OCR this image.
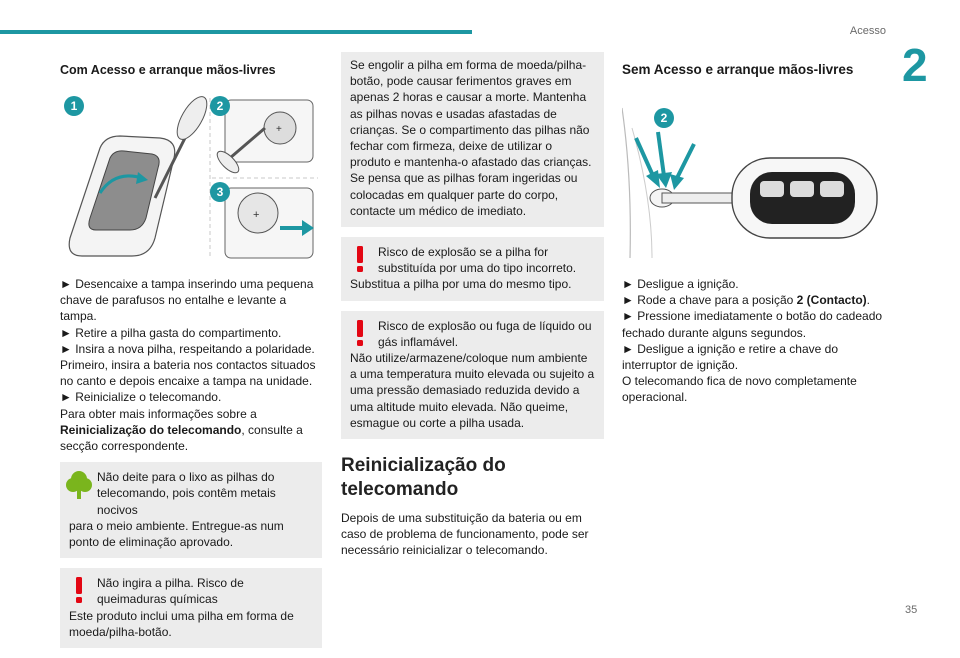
Acesso
2
35
Com Acesso e arranque mãos-livres
+
+
1	2
3

► Desencaixe a tampa inserindo uma pequena chave de parafusos no entalhe e levante a tampa.

► Retire a pilha gasta do compartimento.

► Insira a nova pilha, respeitando a polaridade.

Primeiro, insira a bateria nos contactos situados no canto e depois encaixe a tampa na unidade.

► Reinicialize o telecomando.

Para obter mais informações sobre a Reinicialização do telecomando, consulte a secção correspondente.

Não deite para o lixo as pilhas do telecomando, pois contêm metais nocivos

para o meio ambiente. Entregue-as num ponto de eliminação aprovado.

Não ingira a pilha. Risco de queimaduras químicas

Este produto inclui uma pilha em forma de moeda/pilha-botão.

Se engolir a pilha em forma de moeda/pilha-botão, pode causar ferimentos graves em apenas 2 horas e causar a morte. Mantenha as pilhas novas e usadas afastadas de crianças. Se o compartimento das pilhas não fechar com firmeza, deixe de utilizar o produto e mantenha-o afastado das crianças. Se pensa que as pilhas foram ingeridas ou colocadas em qualquer parte do corpo, contacte um médico de imediato.

Risco de explosão se a pilha for substituída por uma do tipo incorreto.

Substitua a pilha por uma do mesmo tipo.

Risco de explosão ou fuga de líquido ou gás inflamável.

Não utilize/armazene/coloque num ambiente a uma temperatura muito elevada ou sujeito a uma pressão demasiado reduzida devido a uma altitude muito elevada. Não queime, esmague ou corte a pilha usada.

Reinicialização do telecomando

Depois de uma substituição da bateria ou em caso de problema de funcionamento, pode ser necessário reinicializar o telecomando.

Sem Acesso e arranque mãos-livres
2

► Desligue a ignição.

► Rode a chave para a posição 2 (Contacto).

► Pressione imediatamente o botão do cadeado fechado durante alguns segundos.

► Desligue a ignição e retire a chave do interruptor de ignição.

O telecomando fica de novo completamente operacional.
